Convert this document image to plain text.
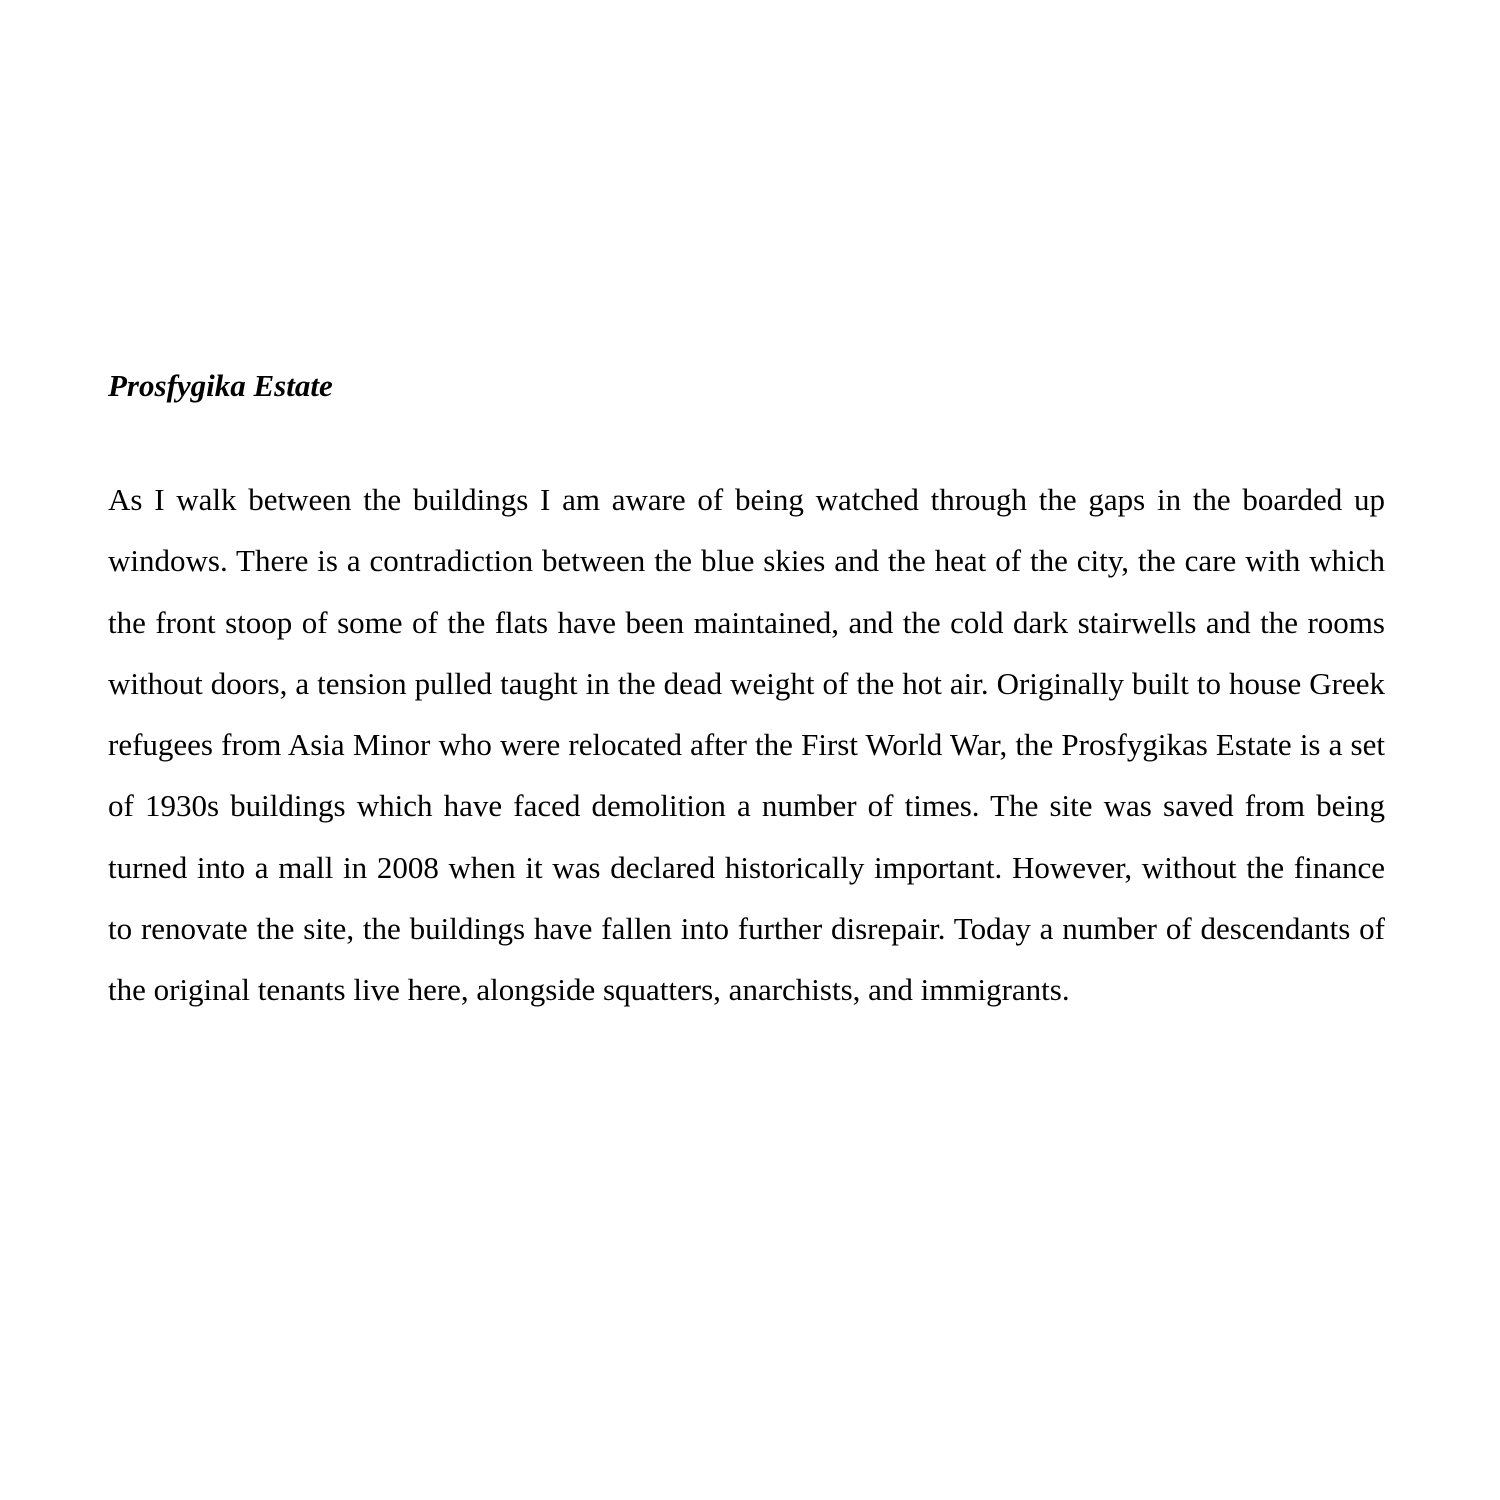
Prosfygika Estate

As I walk between the buildings I am aware of being watched through the gaps in the boarded up windows. There is a contradiction between the blue skies and the heat of the city, the care with which the front stoop of some of the flats have been maintained, and the cold dark stairwells and the rooms without doors, a tension pulled taught in the dead weight of the hot air. Originally built to house Greek refugees from Asia Minor who were relocated after the First World War, the Prosfygikas Estate is a set of 1930s buildings which have faced demolition a number of times. The site was saved from being turned into a mall in 2008 when it was declared historically important. However, without the finance to renovate the site, the buildings have fallen into further disrepair. Today a number of descendants of the original tenants live here, alongside squatters, anarchists, and immigrants.
